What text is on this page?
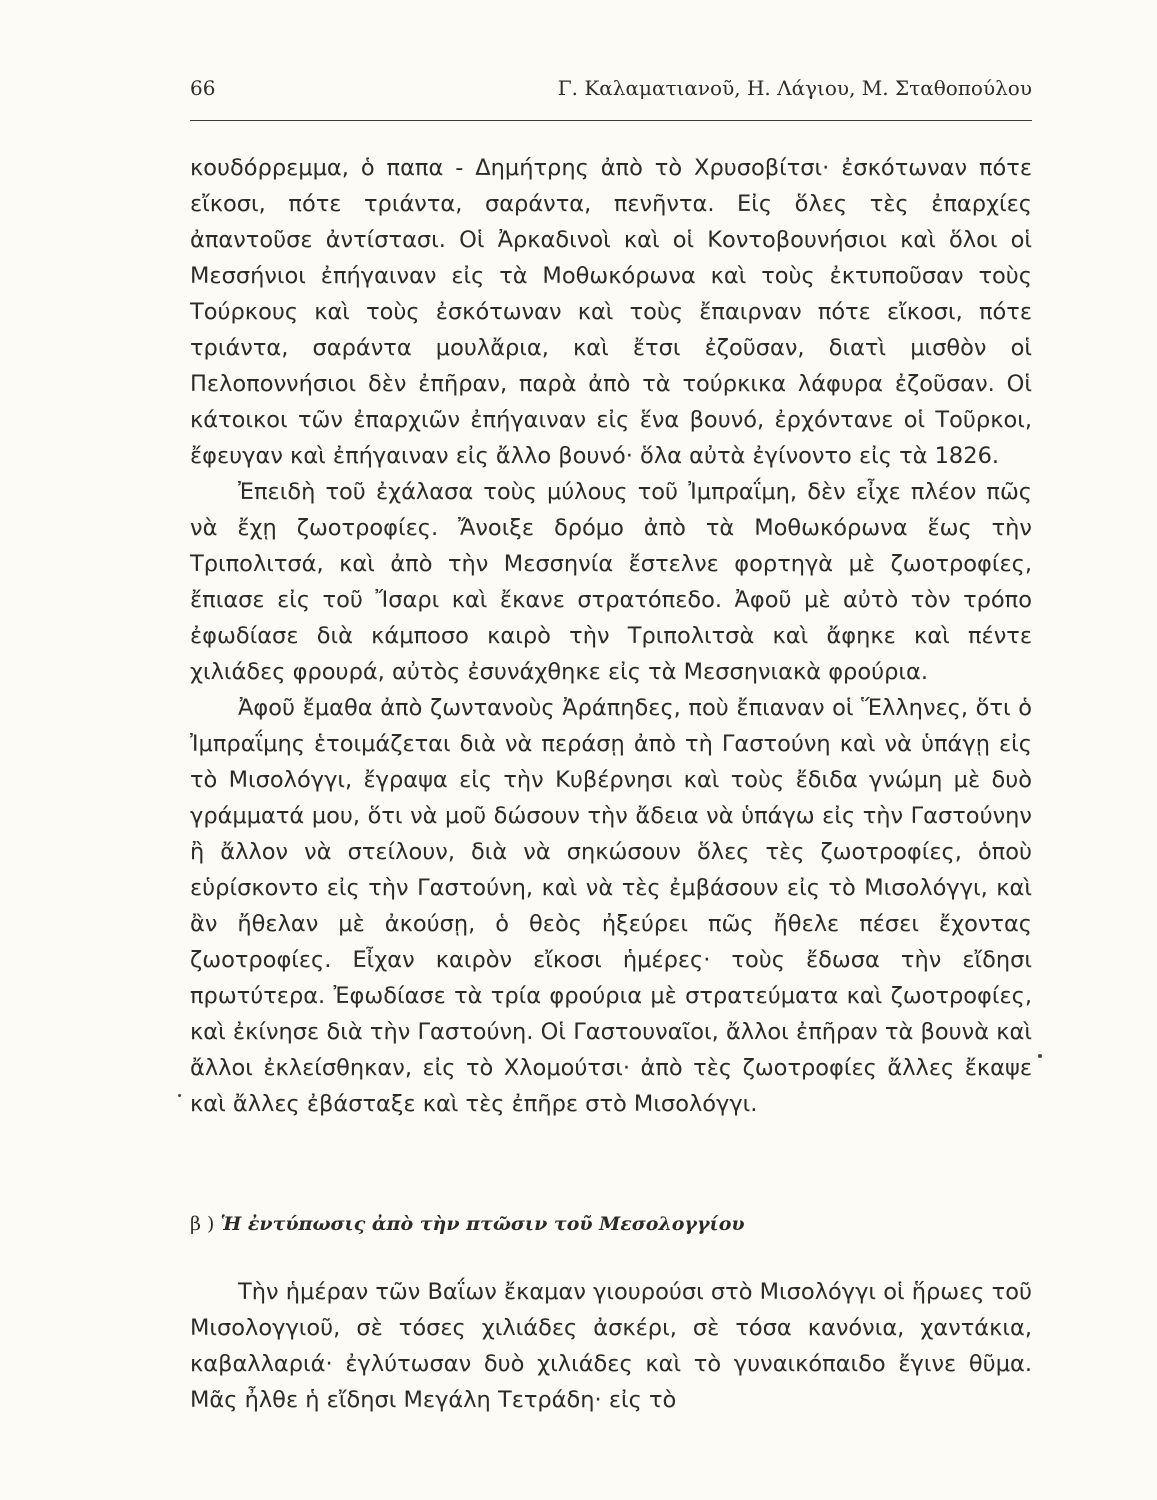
66	Γ. Καλαματιανοῦ, Η. Λάγιου, Μ. Σταθοπούλου

κουδόρρεμμα, ὁ παπα - Δημήτρης ἀπὸ τὸ Χρυσοβίτσι· ἐσκότωναν πότε εἴκοσι, πότε τριάντα, σαράντα, πενῆντα. Εἰς ὅλες τὲς ἐπαρχίες ἀπαντοῦσε ἀντίστασι. Οἱ Ἀρκαδινοὶ καὶ οἱ Κοντοβουνήσιοι καὶ ὅλοι οἱ Μεσσήνιοι ἐπήγαιναν εἰς τὰ Μοθωκόρωνα καὶ τοὺς ἐκτυποῦσαν τοὺς Τούρκους καὶ τοὺς ἐσκότωναν καὶ τοὺς ἔπαιρναν πότε εἴκοσι, πότε τριάντα, σαράντα μουλἄρια, καὶ ἔτσι ἐζοῦσαν, διατὶ μισθὸν οἱ Πελοποννήσιοι δὲν ἐπῆραν, παρὰ ἀπὸ τὰ τούρκικα λάφυρα ἐζοῦσαν. Οἱ κάτοικοι τῶν ἐπαρχιῶν ἐπήγαιναν εἰς ἕνα βουνό, ἐρχόντανε οἱ Τοῦρκοι, ἔφευγαν καὶ ἐπήγαιναν εἰς ἄλλο βουνό· ὅλα αὐτὰ ἐγίνοντο εἰς τὰ 1826.

Ἐπειδὴ τοῦ ἐχάλασα τοὺς μύλους τοῦ Ἰμπραΐμη, δὲν εἶχε πλέον πῶς νὰ ἔχῃ ζωοτροφίες. Ἄνοιξε δρόμο ἀπὸ τὰ Μοθωκόρωνα ἕως τὴν Τριπολιτσά, καὶ ἀπὸ τὴν Μεσσηνία ἔστελνε φορτηγὰ μὲ ζωοτροφίες, ἔπιασε εἰς τοῦ Ἴσαρι καὶ ἔκανε στρατόπεδο. Ἀφοῦ μὲ αὐτὸ τὸν τρόπο ἐφωδίασε διὰ κάμποσο καιρὸ τὴν Τριπολιτσὰ καὶ ἄφηκε καὶ πέντε χιλιάδες φρουρά, αὐτὸς ἐσυνάχθηκε εἰς τὰ Μεσσηνιακὰ φρούρια.

Ἀφοῦ ἔμαθα ἀπὸ ζωντανοὺς Ἀράπηδες, ποὺ ἔπιαναν οἱ Ἕλληνες, ὅτι ὁ Ἰμπραΐμης ἑτοιμάζεται διὰ νὰ περάσῃ ἀπὸ τὴ Γαστούνη καὶ νὰ ὑπάγῃ εἰς τὸ Μισολόγγι, ἔγραψα εἰς τὴν Κυβέρνησι καὶ τοὺς ἔδιδα γνώμη μὲ δυὸ γράμματά μου, ὅτι νὰ μοῦ δώσουν τὴν ἄδεια νὰ ὑπάγω εἰς τὴν Γαστούνην ἢ ἄλλον νὰ στείλουν, διὰ νὰ σηκώσουν ὅλες τὲς ζωοτροφίες, ὁποὺ εὑρίσκοντο εἰς τὴν Γαστούνη, καὶ νὰ τὲς ἐμβάσουν εἰς τὸ Μισολόγγι, καὶ ἂν ἤθελαν μὲ ἀκούσῃ, ὁ θεὸς ἠξεύρει πῶς ἤθελε πέσει ἔχοντας ζωοτροφίες. Εἶχαν καιρὸν εἴκοσι ἡμέρες· τοὺς ἔδωσα τὴν εἴδησι πρωτύτερα. Ἐφωδίασε τὰ τρία φρούρια μὲ στρατεύματα καὶ ζωοτροφίες, καὶ ἐκίνησε διὰ τὴν Γαστούνη. Οἱ Γαστουναῖοι, ἄλλοι ἐπῆραν τὰ βουνὰ καὶ ἄλλοι ἐκλείσθηκαν, εἰς τὸ Χλομούτσι· ἀπὸ τὲς ζωοτροφίες ἄλλες ἔκαψε καὶ ἄλλες ἐβάσταξε καὶ τὲς ἐπῆρε στὸ Μισολόγγι.

β ) Ἡ ἐντύπωσις ἀπὸ τὴν πτῶσιν τοῦ Μεσολογγίου

Τὴν ἡμέραν τῶν Βαΐων ἔκαμαν γιουρούσι στὸ Μισολόγγι οἱ ἥρωες τοῦ Μισολογγιοῦ, σὲ τόσες χιλιάδες ἀσκέρι, σὲ τόσα κανόνια, χαντάκια, καβαλλαριά· ἐγλύτωσαν δυὸ χιλιάδες καὶ τὸ γυναικόπαιδο ἔγινε θῦμα. Μᾶς ἦλθε ἡ εἴδησι Μεγάλη Τετράδη· εἰς τὸ
